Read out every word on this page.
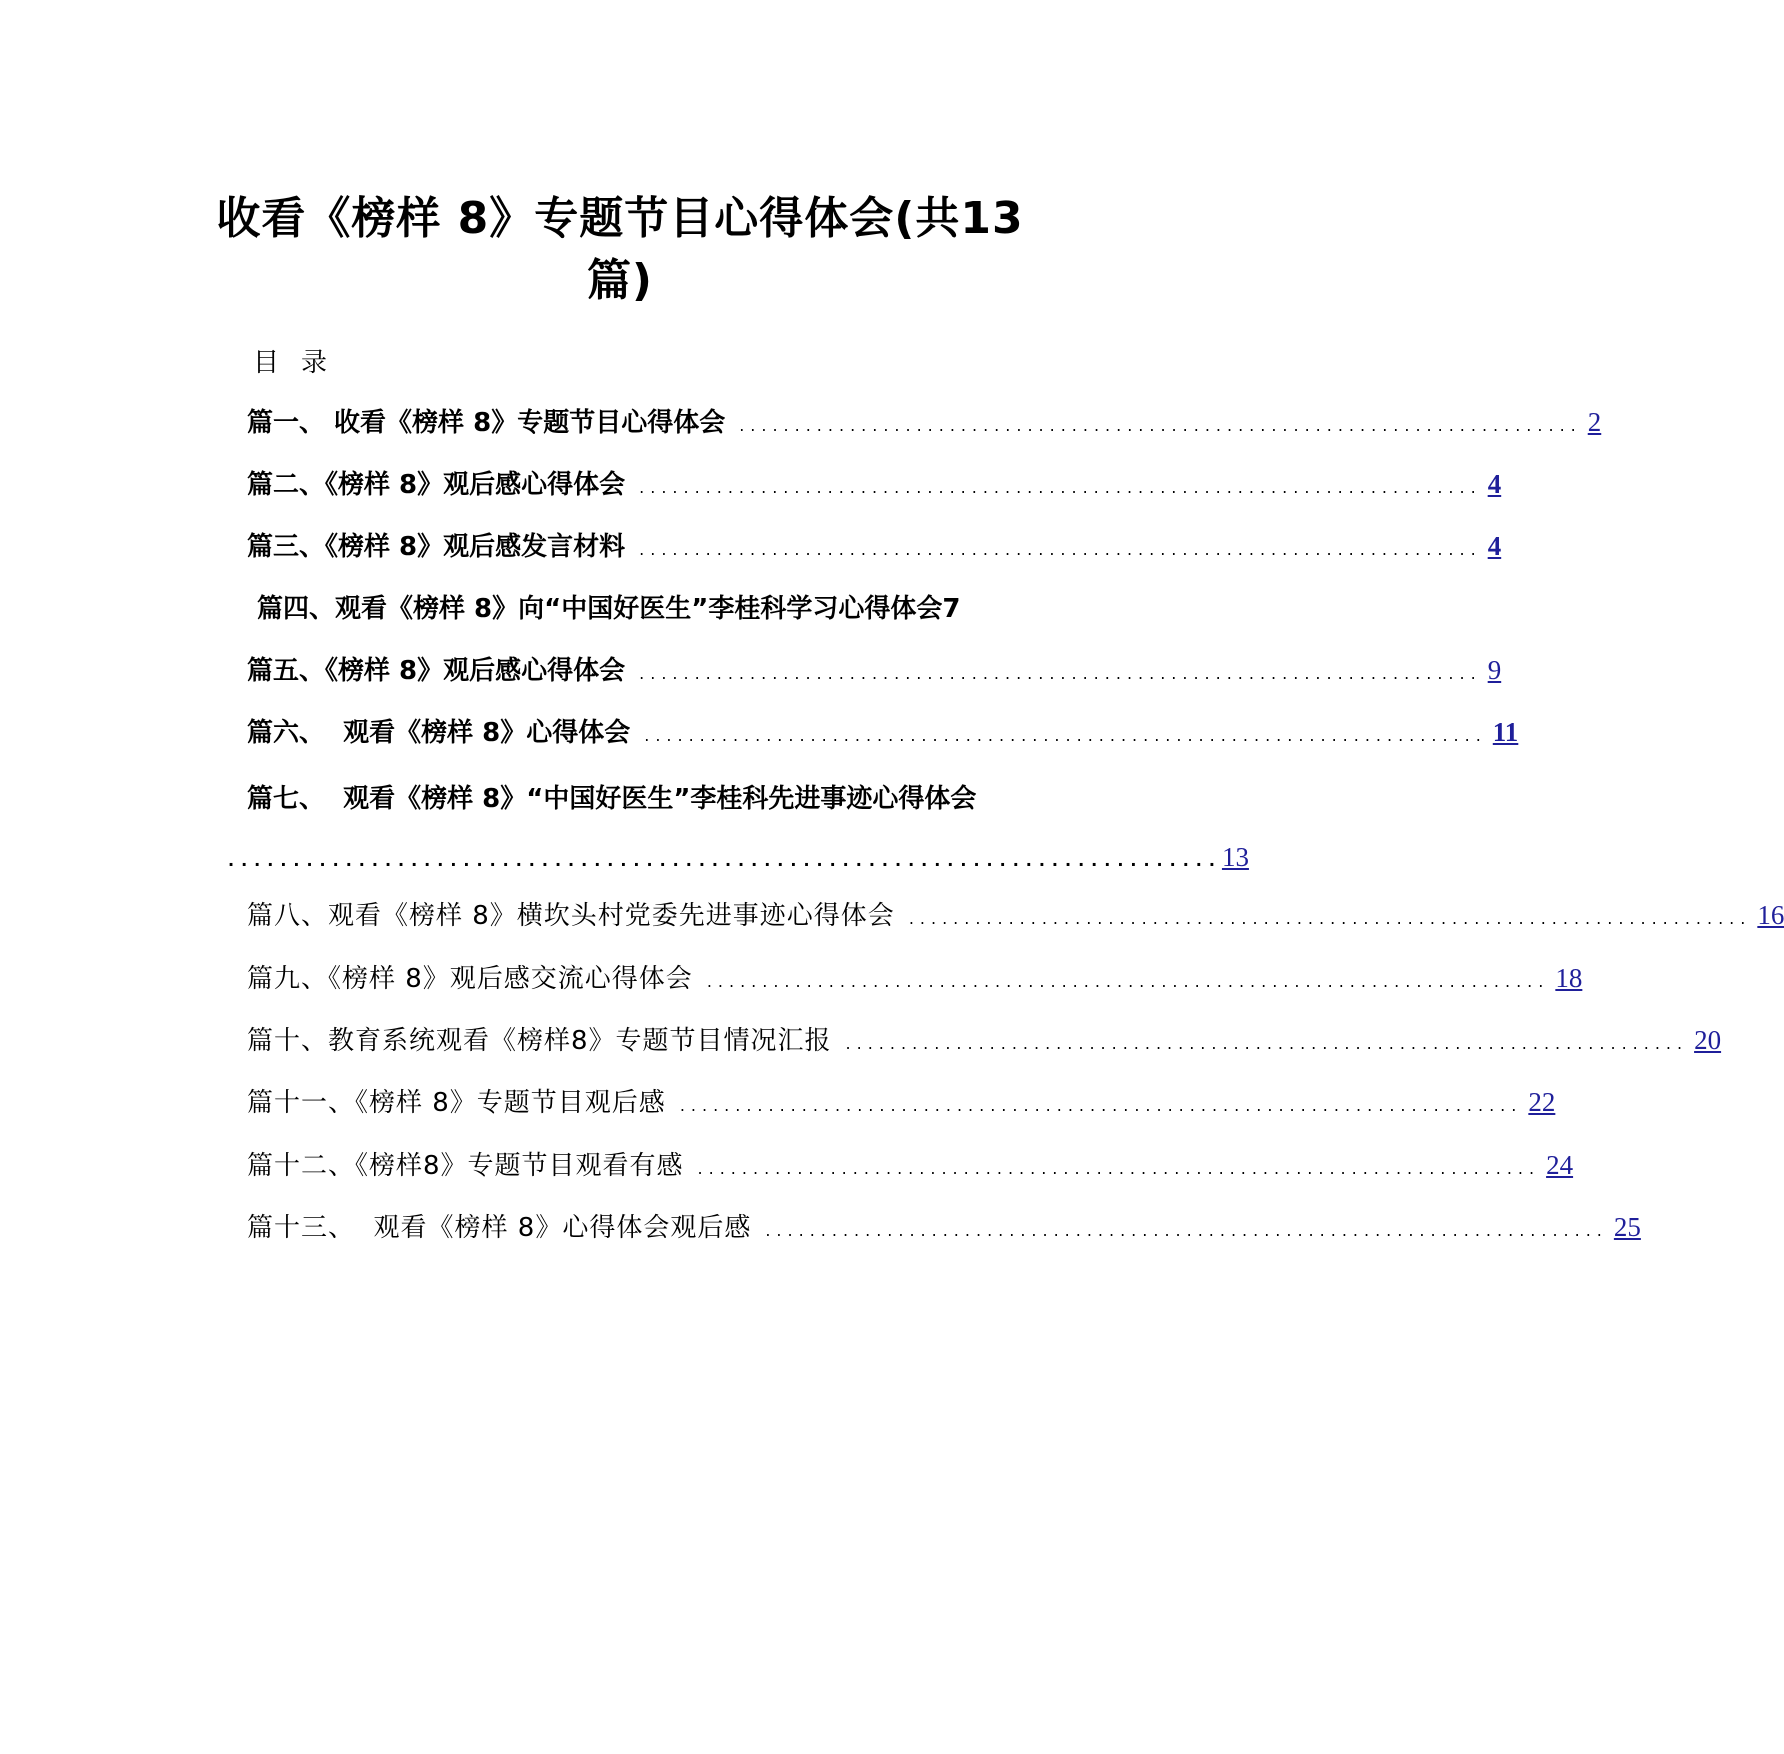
收看《榜样 8》专题节目心得体会(共13
篇)
目录
篇一、 收看《榜样 8》专题节目心得体会 ............................................................................ 2
篇二、《榜样 8》观后感心得体会 ............................................................................ 4
篇三、《榜样 8》观后感发言材料 ............................................................................ 4
篇四、观看《榜样 8》向“中国好医生”李桂科学习心得体会7
篇五、《榜样 8》观后感心得体会 ............................................................................ 9
篇六、  观看《榜样 8》心得体会 ............................................................................ 11
篇七、  观看《榜样 8》“中国好医生”李桂科先进事迹心得体会
............................................................................ 13
篇八、观看《榜样 8》横坎头村党委先进事迹心得体会 ............................................................................ 16
篇九、《榜样 8》观后感交流心得体会 ............................................................................ 18
篇十、教育系统观看《榜样8》专题节目情况汇报 ............................................................................ 20
篇十一、《榜样 8》专题节目观后感 ............................................................................ 22
篇十二、《榜样8》专题节目观看有感 ............................................................................ 24
篇十三、  观看《榜样 8》心得体会观后感 ............................................................................ 25
